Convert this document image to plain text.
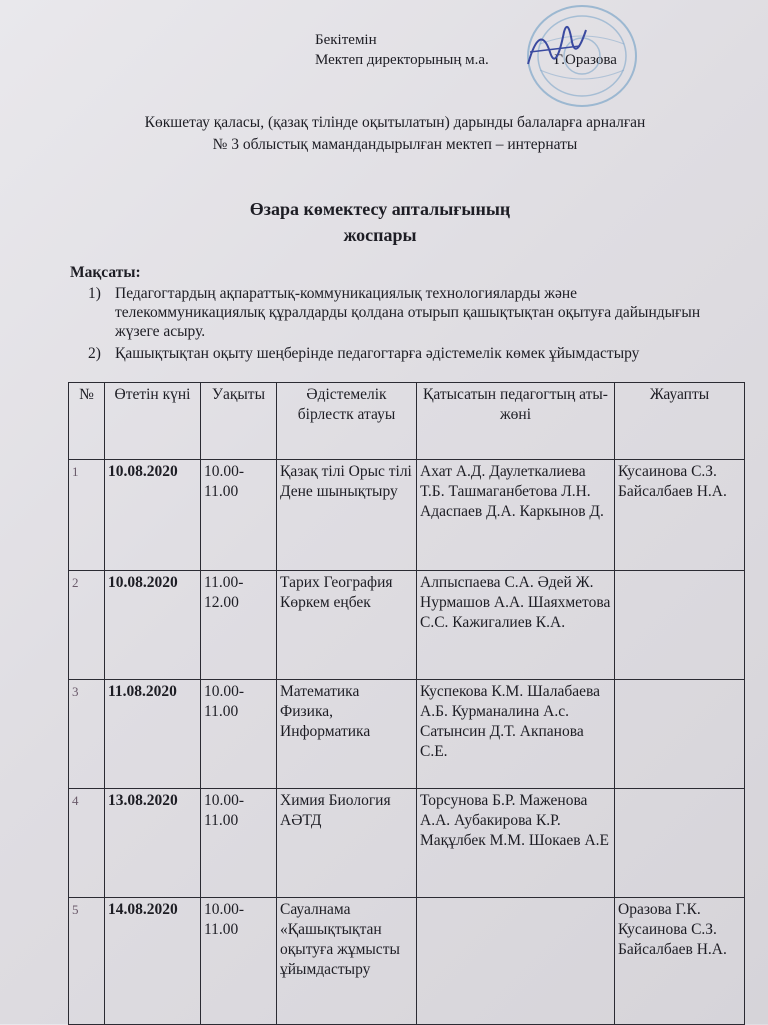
Бекітемін
Мектеп директорының м.а.	Г.Оразова
Көкшетау қаласы, (қазақ тілінде оқытылатын) дарынды балаларға арналған
№ 3 облыстық мамандандырылған мектеп – интернаты
Өзара көмектесу апталығының
жоспары
Мақсаты:
1) Педагогтардың ақпараттық-коммуникациялық технологияларды және телекоммуникациялық құралдарды қолдана отырып қашықтықтан оқытуға дайындығын жүзеге асыру.
2) Қашықтықтан оқыту шеңберінде педагогтарға әдістемелік көмек ұйымдастыру
№	Өтетін күні	Уақыты	Әдістемелік бірлестк атауы	Қатысатын педагогтың аты-жөні	Жауапты
1	10.08.2020	10.00-11.00	Қазақ тілі Орыс тілі Дене шынықтыру	Ахат А.Д. Даулеткалиева Т.Б. Ташмаганбетова Л.Н. Адаспаев Д.А. Каркынов Д.	Кусаинова С.З. Байсалбаев Н.А.
2	10.08.2020	11.00-12.00	Тарих География Көркем еңбек	Алпыспаева С.А. Әдей Ж. Нурмашов А.А. Шаяхметова С.С. Кажигалиев К.А.	
3	11.08.2020	10.00-11.00	Математика Физика, Информатика	Куспекова К.М. Шалабаева А.Б. Курманалина А.с. Сатынсин Д.Т. Акпанова С.Е.	
4	13.08.2020	10.00-11.00	Химия Биология АӘТД	Торсунова Б.Р. Маженова А.А. Аубакирова К.Р. Мақұлбек М.М. Шокаев А.Е	
5	14.08.2020	10.00-11.00	Сауалнама «Қашықтықтан оқытуға жұмысты ұйымдастыру		Оразова Г.К. Кусаинова С.З. Байсалбаев Н.А.
